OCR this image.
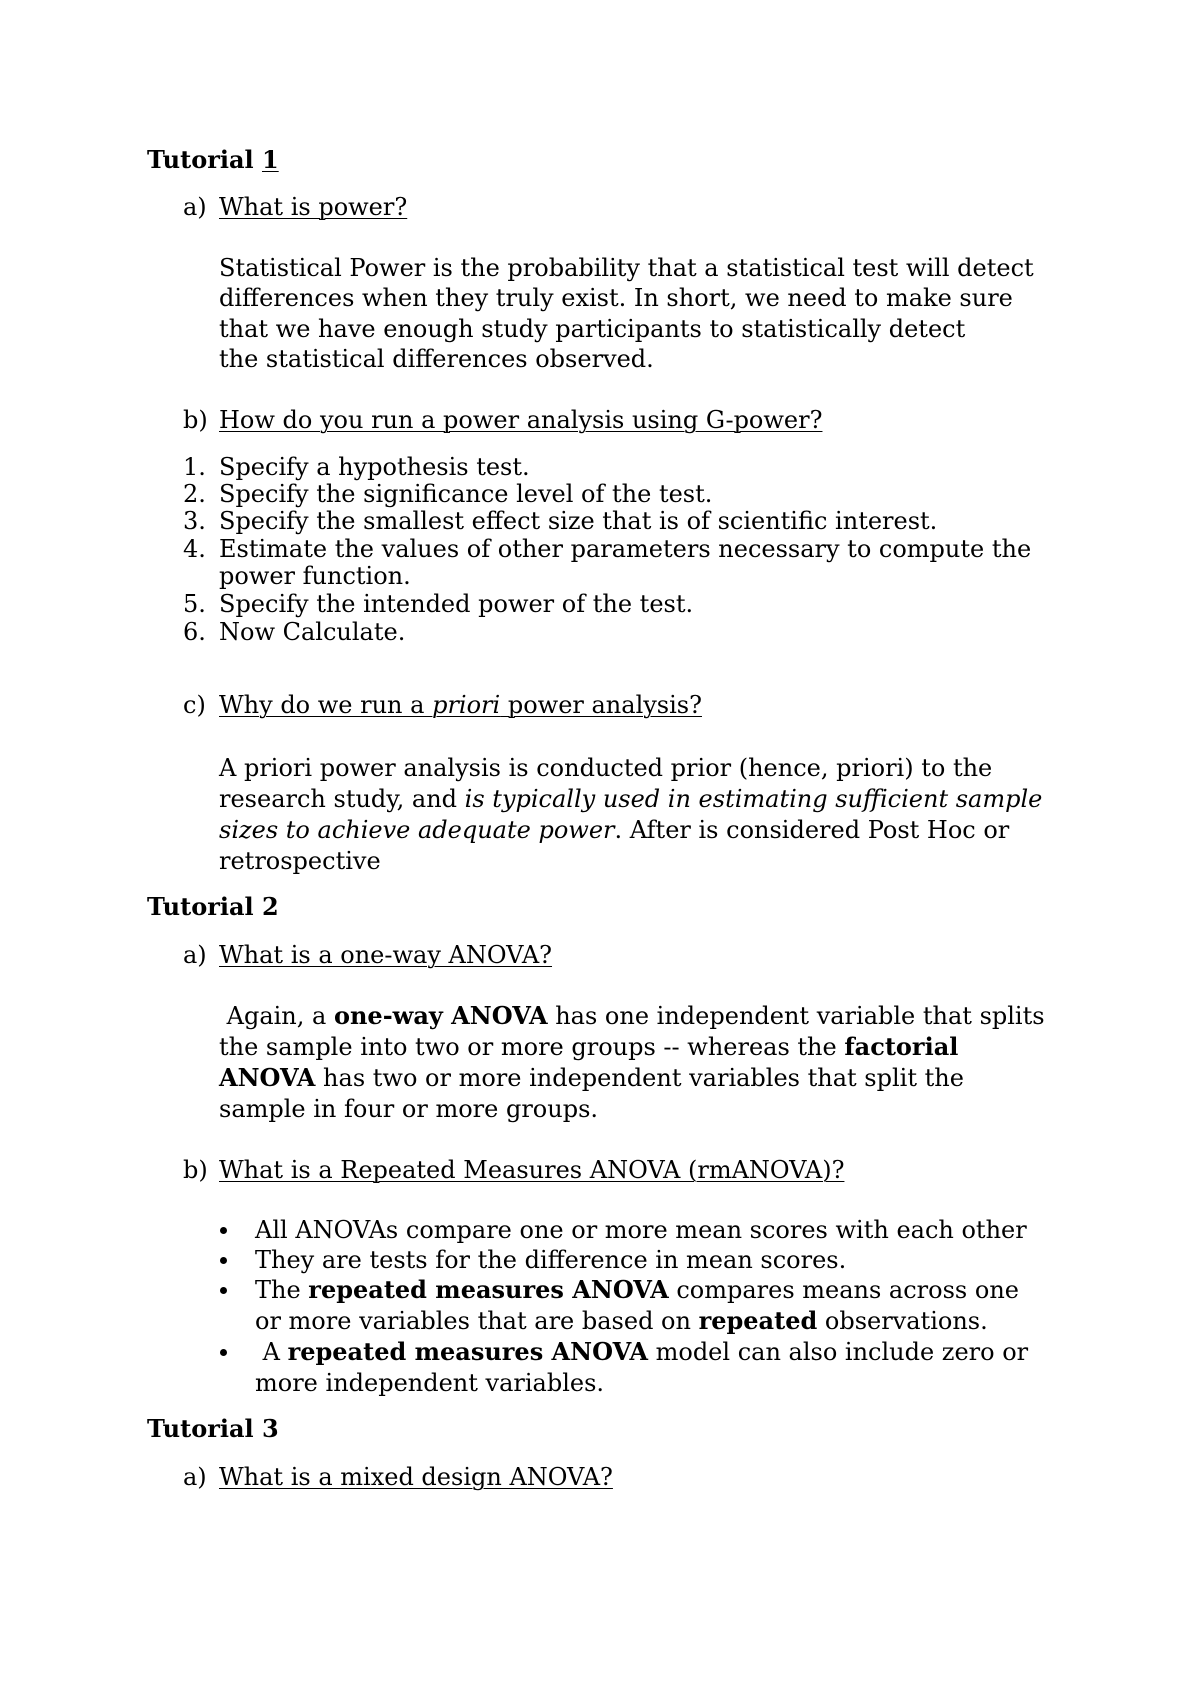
Tutorial 1
a) What is power?
Statistical Power is the probability that a statistical test will detect
differences when they truly exist. In short, we need to make sure
that we have enough study participants to statistically detect
the statistical differences observed.
b) How do you run a power analysis using G-power?
1. Specify a hypothesis test.
2. Specify the significance level of the test.
3. Specify the smallest effect size that is of scientific interest.
4. Estimate the values of other parameters necessary to compute the
power function.
5. Specify the intended power of the test.
6. Now Calculate.
c) Why do we run a priori power analysis?
A priori power analysis is conducted prior (hence, priori) to the
research study, and is typically used in estimating sufficient sample
sizes to achieve adequate power. After is considered Post Hoc or
retrospective
Tutorial 2
a) What is a one-way ANOVA?
Again, a one-way ANOVA has one independent variable that splits
the sample into two or more groups -- whereas the factorial
ANOVA has two or more independent variables that split the
sample in four or more groups.
b) What is a Repeated Measures ANOVA (rmANOVA)?
All ANOVAs compare one or more mean scores with each other
They are tests for the difference in mean scores.
The repeated measures ANOVA compares means across one
or more variables that are based on repeated observations.
A repeated measures ANOVA model can also include zero or
more independent variables.
Tutorial 3
a) What is a mixed design ANOVA?
